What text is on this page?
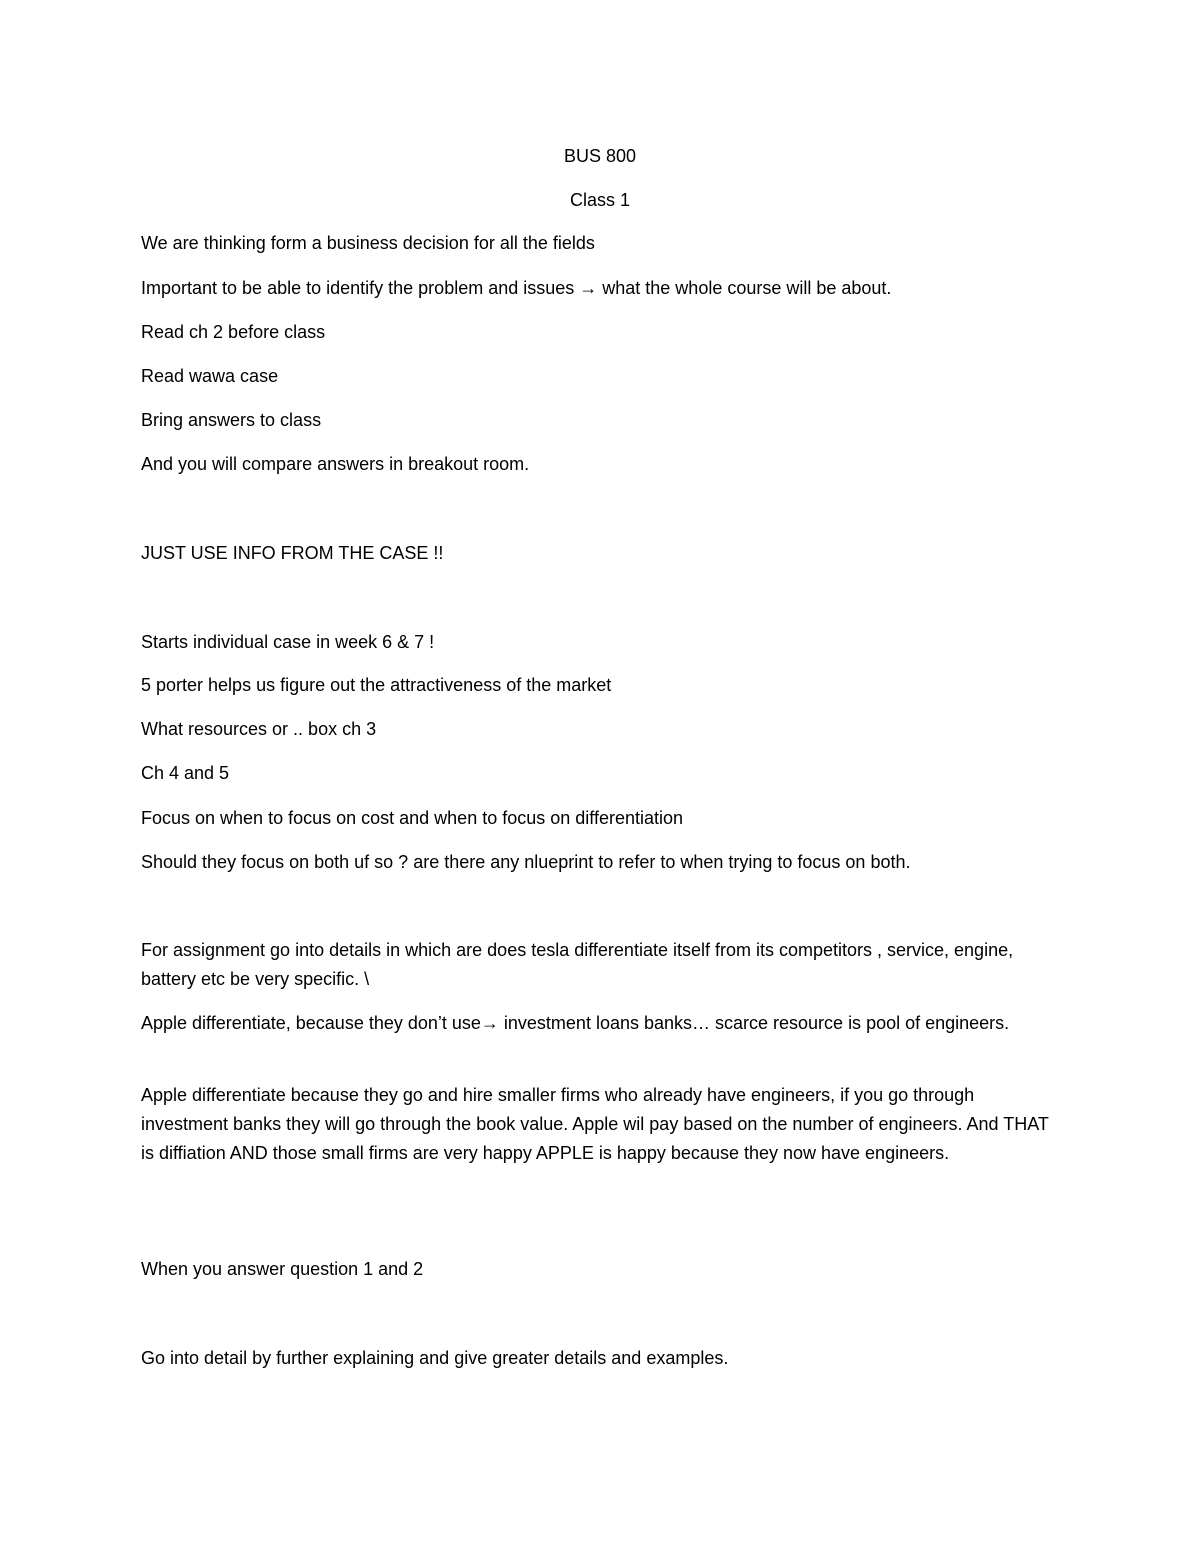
BUS 800
Class 1
We are thinking form a business decision for all the fields
Important to be able to identify the problem and issues → what the whole course will be about.
Read ch 2 before class
Read wawa case
Bring answers to class
And you will compare answers in breakout room.
JUST USE INFO FROM THE CASE !!
Starts individual case in week 6 & 7 !
5 porter helps us figure out the attractiveness of the market
What resources or .. box ch 3
Ch 4 and 5
Focus on when to focus on cost and when to focus on differentiation
Should they focus on both uf so ? are there any nlueprint to refer to when trying to focus on both.
For assignment go into details in which are does tesla differentiate itself from its competitors , service, engine, battery etc be very specific. \
Apple differentiate, because they don’t use→ investment loans banks… scarce resource is pool of engineers.
Apple differentiate because they go and hire smaller firms who already have engineers, if you go through investment banks they will go through the book value. Apple wil pay based on the number of engineers. And THAT is diffiation AND those small firms are very happy APPLE is happy because they now have engineers.
When you answer question 1 and 2
Go into detail by further explaining and give greater details and examples.
